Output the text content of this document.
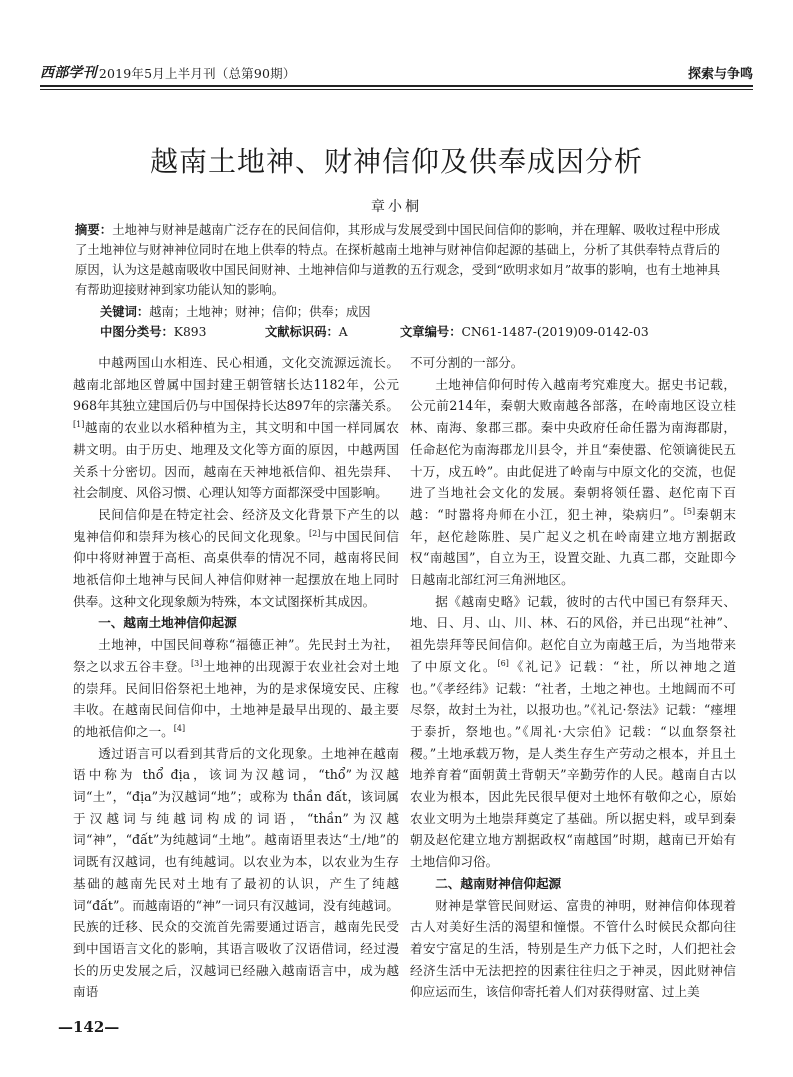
西部学刊 2019年5月上半月刊（总第90期）	探索与争鸣
越南土地神、财神信仰及供奉成因分析
章小桐
摘要：土地神与财神是越南广泛存在的民间信仰，其形成与发展受到中国民间信仰的影响，并在理解、吸收过程中形成了土地神位与财神神位同时在地上供奉的特点。在探析越南土地神与财神信仰起源的基础上，分析了其供奉特点背后的原因，认为这是越南吸收中国民间财神、土地神信仰与道教的五行观念，受到“欧明求如月”故事的影响，也有土地神具有帮助迎接财神到家功能认知的影响。
关键词：越南；土地神；财神；信仰；供奉；成因
中图分类号：K893	文献标识码：A	文章编号：CN61-1487-(2019)09-0142-03

中越两国山水相连、民心相通，文化交流源远流长。越南北部地区曾属中国封建王朝管辖长达1182年，公元968年其独立建国后仍与中国保持长达897年的宗藩关系。[1]越南的农业以水稻种植为主，其文明和中国一样同属农耕文明。由于历史、地理及文化等方面的原因，中越两国关系十分密切。因而，越南在天神地祇信仰、祖先崇拜、社会制度、风俗习惯、心理认知等方面都深受中国影响。

民间信仰是在特定社会、经济及文化背景下产生的以鬼神信仰和崇拜为核心的民间文化现象。[2]与中国民间信仰中将财神置于高柜、高桌供奉的情况不同，越南将民间地祇信仰土地神与民间人神信仰财神一起摆放在地上同时供奉。这种文化现象颇为特殊，本文试图探析其成因。

一、越南土地神信仰起源

土地神，中国民间尊称“福德正神”。先民封土为社，祭之以求五谷丰登。[3]土地神的出现源于农业社会对土地的崇拜。民间旧俗祭祀土地神，为的是求保境安民、庄稼丰收。在越南民间信仰中，土地神是最早出现的、最主要的地祇信仰之一。[4]

透过语言可以看到其背后的文化现象。土地神在越南语中称为 thổ địa，该词为汉越词，“thổ”为汉越词“土”，“địa”为汉越词“地”；或称为 thần đất，该词属于汉越词与纯越词构成的词语，“thần”为汉越词“神”，“đất”为纯越词“土地”。越南语里表达“土/地”的词既有汉越词，也有纯越词。以农业为本，以农业为生存基础的越南先民对土地有了最初的认识，产生了纯越词“đất”。而越南语的“神”一词只有汉越词，没有纯越词。民族的迁移、民众的交流首先需要通过语言，越南先民受到中国语言文化的影响，其语言吸收了汉语借词，经过漫长的历史发展之后，汉越词已经融入越南语言中，成为越南语

不可分割的一部分。

土地神信仰何时传入越南考究难度大。据史书记载，公元前214年，秦朝大败南越各部落，在岭南地区设立桂林、南海、象郡三郡。秦中央政府任命任嚣为南海郡尉，任命赵佗为南海郡龙川县令，并且“秦使嚣、佗领谪徙民五十万，戍五岭”。由此促进了岭南与中原文化的交流，也促进了当地社会文化的发展。秦朝将领任嚣、赵佗南下百越：“时嚣将舟师在小江，犯土神，染病归”。[5]秦朝末年，赵佗趁陈胜、吴广起义之机在岭南建立地方割据政权“南越国”，自立为王，设置交趾、九真二郡，交趾即今日越南北部红河三角洲地区。

据《越南史略》记载，彼时的古代中国已有祭拜天、地、日、月、山、川、林、石的风俗，并已出现“社神”、祖先崇拜等民间信仰。赵佗自立为南越王后，为当地带来了中原文化。[6]《礼记》记载：“社，所以神地之道也。”《孝经纬》记载：“社者，土地之神也。土地阔而不可尽祭，故封土为社，以报功也。”《礼记·祭法》记载：“瘗埋于泰折，祭地也。”《周礼·大宗伯》记载：“以血祭祭社稷。”土地承载万物，是人类生存生产劳动之根本，并且土地养育着“面朝黄土背朝天”辛勤劳作的人民。越南自古以农业为根本，因此先民很早便对土地怀有敬仰之心，原始农业文明为土地崇拜奠定了基础。所以据史料，或早到秦朝及赵佗建立地方割据政权“南越国”时期，越南已开始有土地信仰习俗。

二、越南财神信仰起源

财神是掌管民间财运、富贵的神明，财神信仰体现着古人对美好生活的渴望和憧憬。不管什么时候民众都向往着安宁富足的生活，特别是生产力低下之时，人们把社会经济生活中无法把控的因素往往归之于神灵，因此财神信仰应运而生，该信仰寄托着人们对获得财富、过上美

—142—
